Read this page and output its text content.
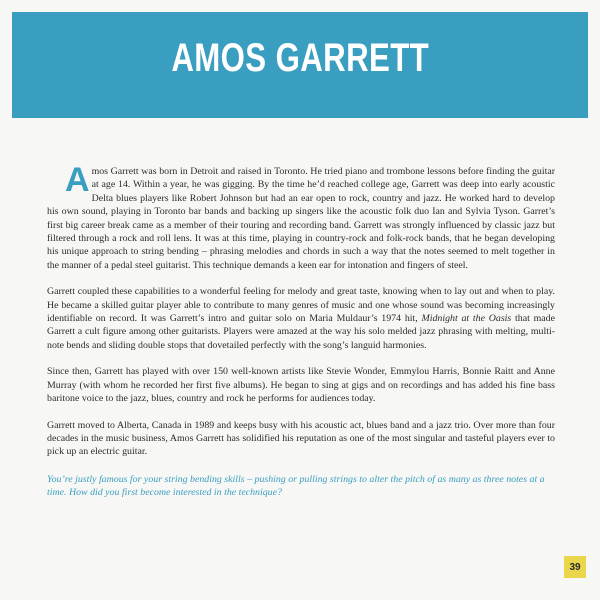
AMOS GARRETT

Amos Garrett was born in Detroit and raised in Toronto. He tried piano and trombone lessons before finding the guitar at age 14. Within a year, he was gigging. By the time he’d reached college age, Garrett was deep into early acoustic Delta blues players like Robert Johnson but had an ear open to rock, country and jazz. He worked hard to develop his own sound, playing in Toronto bar bands and backing up singers like the acoustic folk duo Ian and Sylvia Tyson. Garret’s first big career break came as a member of their touring and recording band. Garrett was strongly influenced by classic jazz but filtered through a rock and roll lens. It was at this time, playing in country-rock and folk-rock bands, that he began developing his unique approach to string bending – phrasing melodies and chords in such a way that the notes seemed to melt together in the manner of a pedal steel guitarist. This technique demands a keen ear for intonation and fingers of steel.

Garrett coupled these capabilities to a wonderful feeling for melody and great taste, knowing when to lay out and when to play. He became a skilled guitar player able to contribute to many genres of music and one whose sound was becoming increasingly identifiable on record. It was Garrett’s intro and guitar solo on Maria Muldaur’s 1974 hit, Midnight at the Oasis that made Garrett a cult figure among other guitarists. Players were amazed at the way his solo melded jazz phrasing with melting, multi-note bends and sliding double stops that dovetailed perfectly with the song’s languid harmonies.

Since then, Garrett has played with over 150 well-known artists like Stevie Wonder, Emmylou Harris, Bonnie Raitt and Anne Murray (with whom he recorded her first five albums). He began to sing at gigs and on recordings and has added his fine bass baritone voice to the jazz, blues, country and rock he performs for audiences today.

Garrett moved to Alberta, Canada in 1989 and keeps busy with his acoustic act, blues band and a jazz trio. Over more than four decades in the music business, Amos Garrett has solidified his reputation as one of the most singular and tasteful players ever to pick up an electric guitar.

You’re justly famous for your string bending skills – pushing or pulling strings to alter the pitch of as many as three notes at a time. How did you first become interested in the technique?

39
